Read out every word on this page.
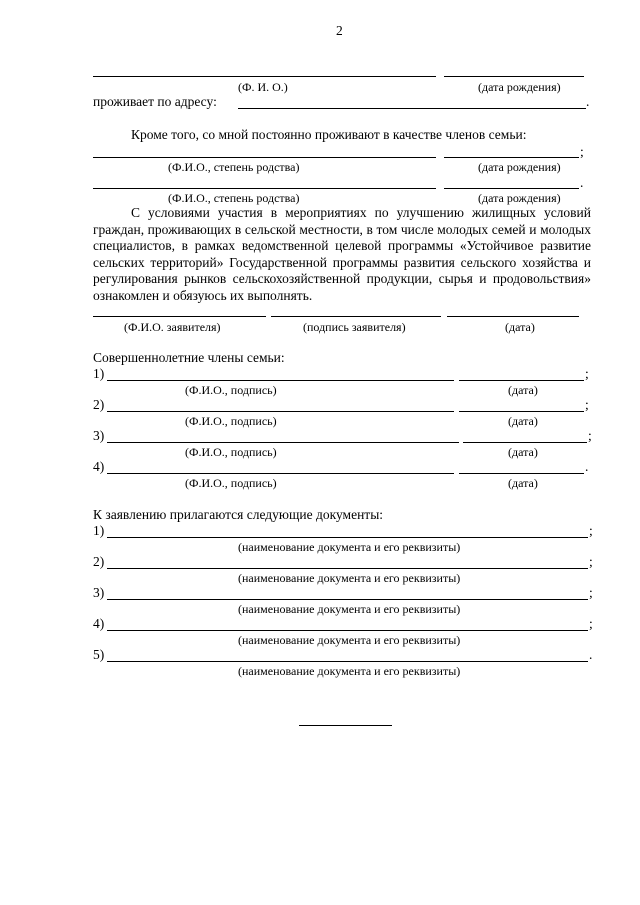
2
(Ф. И. О.)	(дата рождения)
проживает по адресу:	.
Кроме того, со мной постоянно проживают в качестве членов семьи:
;
(Ф.И.О., степень родства)	(дата рождения)
.
(Ф.И.О., степень родства)	(дата рождения)
С условиями участия в мероприятиях по улучшению жилищных условий граждан, проживающих в сельской местности, в том числе молодых семей и молодых специалистов, в рамках ведомственной целевой программы «Устойчивое развитие сельских территорий» Государственной программы развития сельского хозяйства и регулирования рынков сельскохозяйственной продукции, сырья и продовольствия» ознакомлен и обязуюсь их выполнять.
(Ф.И.О. заявителя)	(подпись заявителя)	(дата)
Совершеннолетние члены семьи:
1)	;
(Ф.И.О., подпись)	(дата)
2)	;
(Ф.И.О., подпись)	(дата)
3)	;
(Ф.И.О., подпись)	(дата)
4)	.
(Ф.И.О., подпись)	(дата)
К заявлению прилагаются следующие документы:
1)	;
(наименование документа и его реквизиты)
2)	;
(наименование документа и его реквизиты)
3)	;
(наименование документа и его реквизиты)
4)	;
(наименование документа и его реквизиты)
5)	.
(наименование документа и его реквизиты)
